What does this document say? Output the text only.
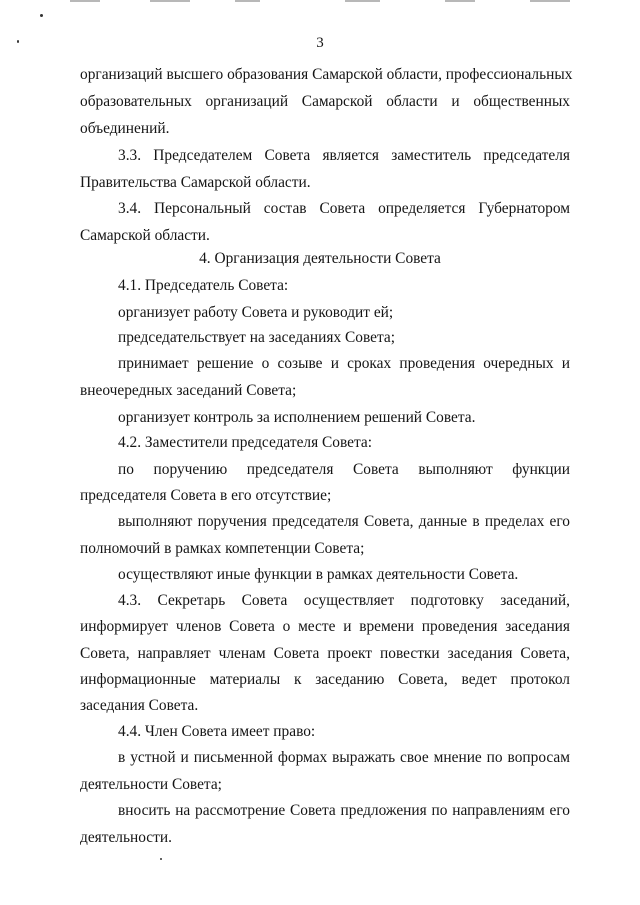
3
организаций высшего образования Самарской области, профессиональных
образовательных организаций Самарской области и общественных
объединений.
3.3. Председателем Совета является заместитель председателя
Правительства Самарской области.
3.4. Персональный состав Совета определяется Губернатором
Самарской области.
4. Организация деятельности Совета
4.1. Председатель Совета:
организует работу Совета и руководит ей;
председательствует на заседаниях Совета;
принимает решение о созыве и сроках проведения очередных и
внеочередных заседаний Совета;
организует контроль за исполнением решений Совета.
4.2. Заместители председателя Совета:
по поручению председателя Совета выполняют функции
председателя Совета в его отсутствие;
выполняют поручения председателя Совета, данные в пределах его
полномочий в рамках компетенции Совета;
осуществляют иные функции в рамках деятельности Совета.
4.3. Секретарь Совета осуществляет подготовку заседаний,
информирует членов Совета о месте и времени проведения заседания
Совета, направляет членам Совета проект повестки заседания Совета,
информационные материалы к заседанию Совета, ведет протокол
заседания Совета.
4.4. Член Совета имеет право:
в устной и письменной формах выражать свое мнение по вопросам
деятельности Совета;
вносить на рассмотрение Совета предложения по направлениям его
деятельности.
